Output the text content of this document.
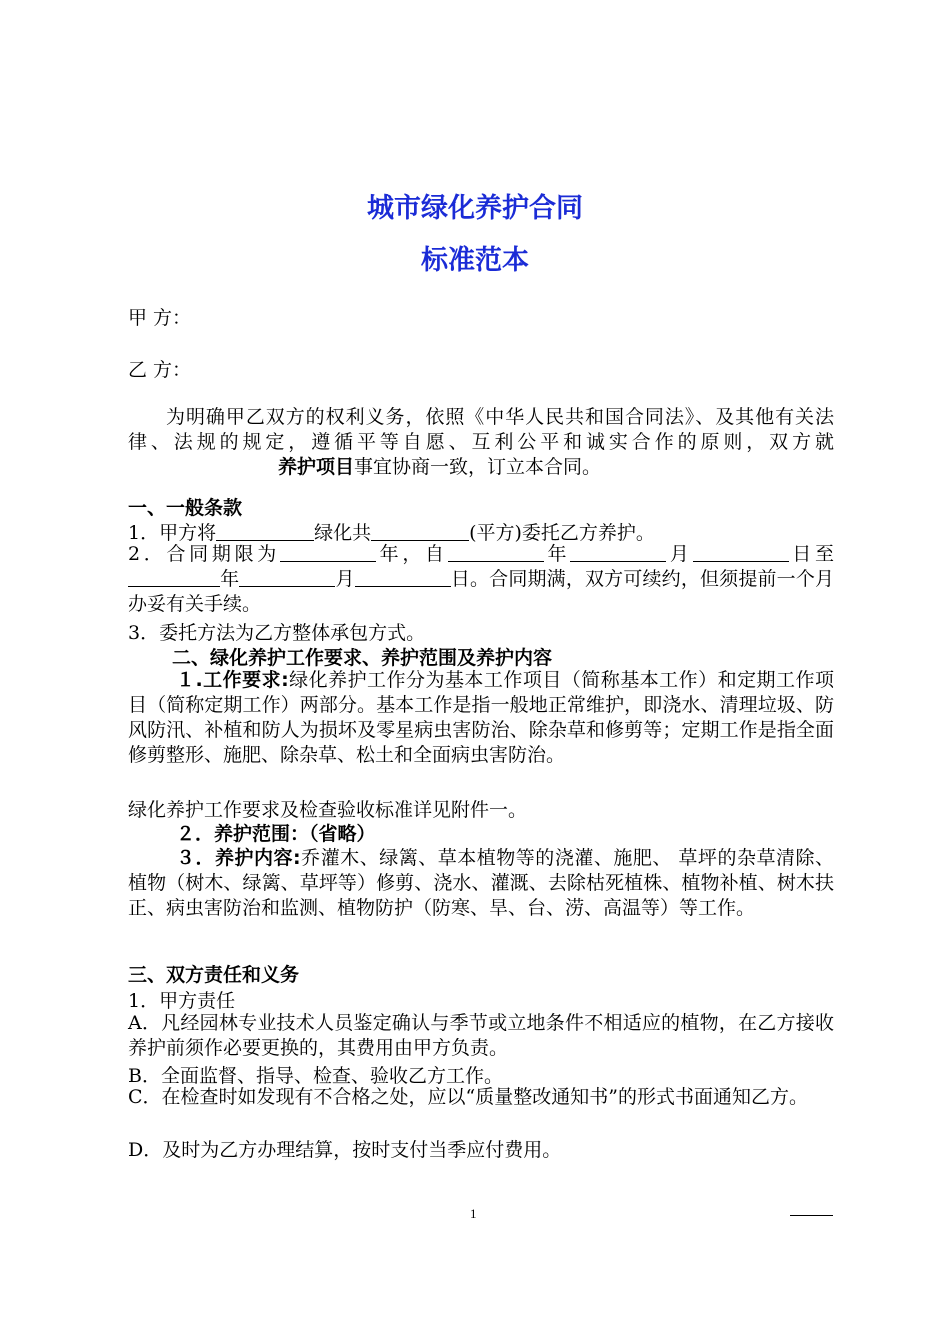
城市绿化养护合同
标准范本
甲 方：
乙 方：
为明确甲乙双方的权利义务，依照《中华人民共和国合同法》、及其他有关法律、法规的规定，遵循平等自愿、互利公平和诚实合作的原则，双方就养护项目事宜协商一致，订立本合同。
一、一般条款
1．甲方将	绿化共	(平方)委托乙方养护。
2．合同期限为	年，自	年	月	日至年	月	日。合同期满，双方可续约，但须提前一个月办妥有关手续。
3．委托方法为乙方整体承包方式。
二、绿化养护工作要求、养护范围及养护内容
１.工作要求:绿化养护工作分为基本工作项目（简称基本工作）和定期工作项目（简称定期工作）两部分。基本工作是指一般地正常维护，即浇水、清理垃圾、防风防汛、补植和防人为损坏及零星病虫害防治、除杂草和修剪等；定期工作是指全面修剪整形、施肥、除杂草、松土和全面病虫害防治。
绿化养护工作要求及检查验收标准详见附件一。
２．养护范围：（省略）
３．养护内容:乔灌木、绿篱、草本植物等的浇灌、施肥、 草坪的杂草清除、植物（树木、绿篱、草坪等）修剪、浇水、灌溉、去除枯死植株、植物补植、树木扶正、病虫害防治和监测、植物防护（防寒、旱、台、涝、高温等）等工作。
三、双方责任和义务
1．甲方责任
A．凡经园林专业技术人员鉴定确认与季节或立地条件不相适应的植物，在乙方接收养护前须作必要更换的，其费用由甲方负责。
B．全面监督、指导、检查、验收乙方工作。
C．在检查时如发现有不合格之处，应以“质量整改通知书”的形式书面通知乙方。
D．及时为乙方办理结算，按时支付当季应付费用。
1
